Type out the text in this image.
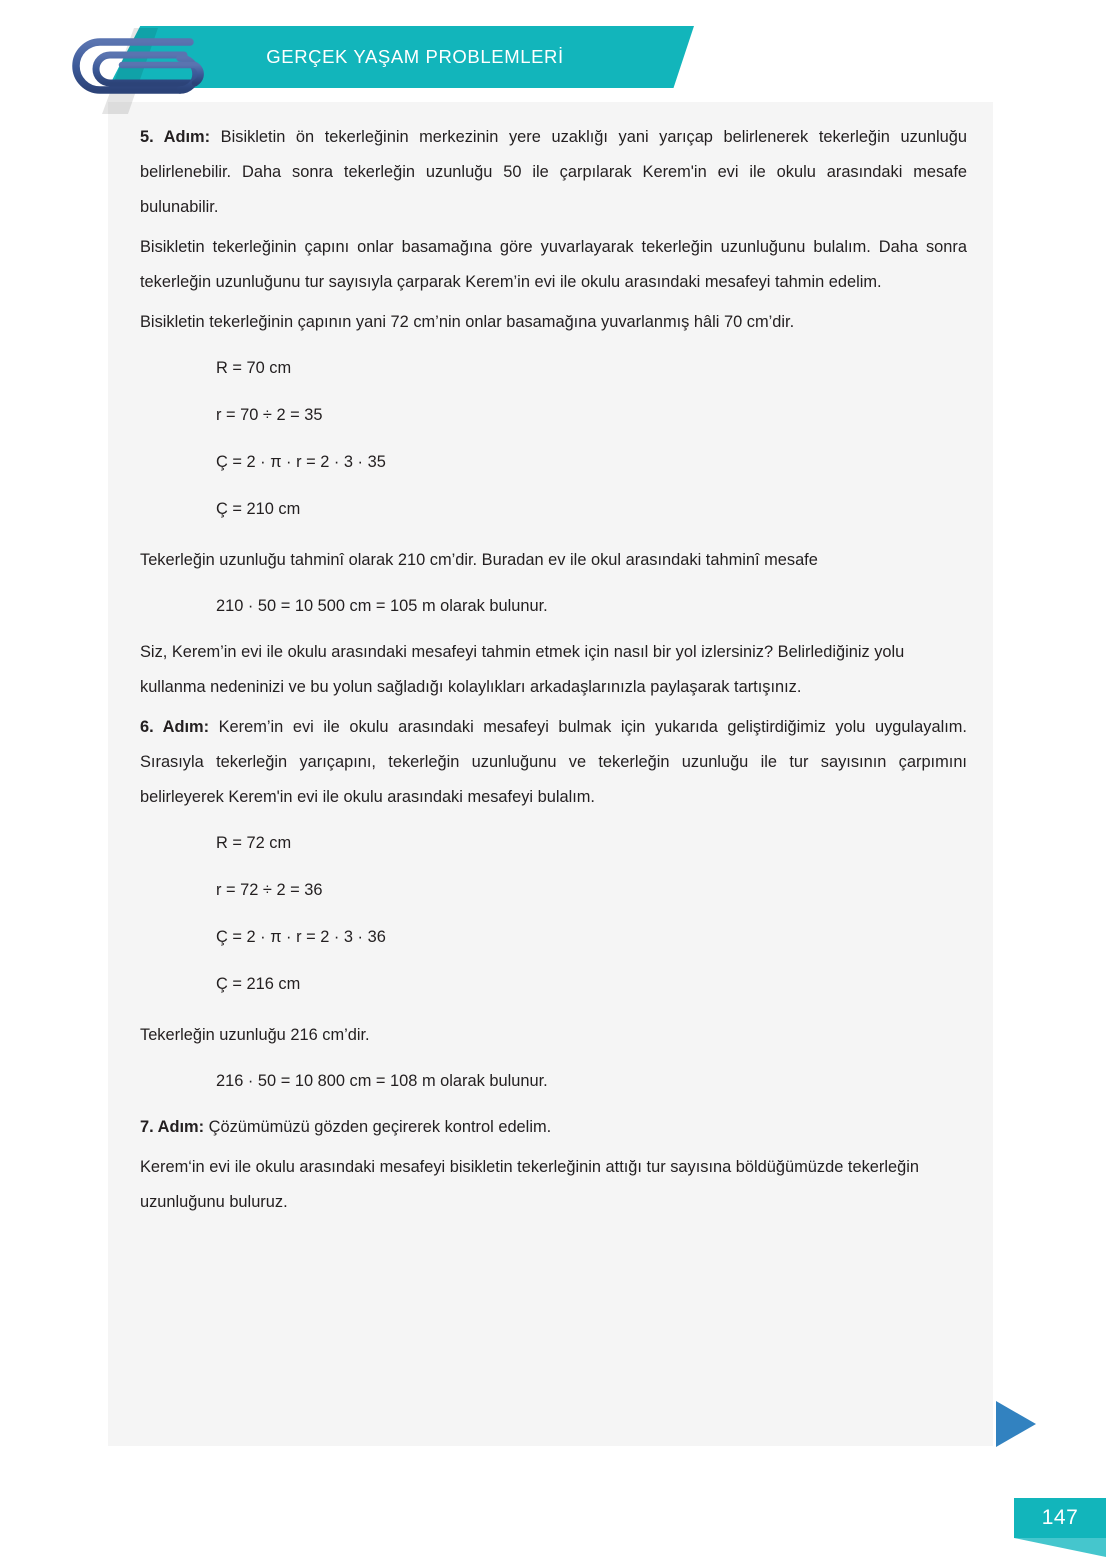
GERÇEK YAŞAM PROBLEMLERİ

5. Adım: Bisikletin ön tekerleğinin merkezinin yere uzaklığı yani yarıçap belirlenerek tekerleğin uzunluğu belirlenebilir. Daha sonra tekerleğin uzunluğu 50 ile çarpılarak Kerem'in evi ile okulu arasındaki mesafe bulunabilir.

Bisikletin tekerleğinin çapını onlar basamağına göre yuvarlayarak tekerleğin uzunluğunu bulalım. Daha sonra tekerleğin uzunluğunu tur sayısıyla çarparak Kerem’in evi ile okulu arasındaki mesafeyi tahmin edelim.

Bisikletin tekerleğinin çapının yani 72 cm’nin onlar basamağına yuvarlanmış hâli 70 cm’dir.

R = 70 cm
r = 70 ÷ 2 = 35
Ç = 2 · π · r = 2 · 3 · 35
Ç = 210 cm

Tekerleğin uzunluğu tahminî olarak 210 cm’dir. Buradan ev ile okul arasındaki tahminî mesafe

210 · 50 = 10 500 cm = 105 m olarak bulunur.

Siz, Kerem’in evi ile okulu arasındaki mesafeyi tahmin etmek için nasıl bir yol izlersiniz? Belirlediğiniz yolu kullanma nedeninizi ve bu yolun sağladığı kolaylıkları arkadaşlarınızla paylaşarak tartışınız.

6. Adım: Kerem’in evi ile okulu arasındaki mesafeyi bulmak için yukarıda geliştirdiğimiz yolu uygulayalım. Sırasıyla tekerleğin yarıçapını, tekerleğin uzunluğunu ve tekerleğin uzunluğu ile tur sayısının çarpımını belirleyerek Kerem'in evi ile okulu arasındaki mesafeyi bulalım.

R = 72 cm
r = 72 ÷ 2 = 36
Ç = 2 · π · r = 2 · 3 · 36
Ç = 216 cm

Tekerleğin uzunluğu 216 cm’dir.

216 · 50 = 10 800 cm = 108 m olarak bulunur.

7. Adım: Çözümümüzü gözden geçirerek kontrol edelim.

Kerem‘in evi ile okulu arasındaki mesafeyi bisikletin tekerleğinin attığı tur sayısına böldüğümüzde tekerleğin uzunluğunu buluruz.

147
